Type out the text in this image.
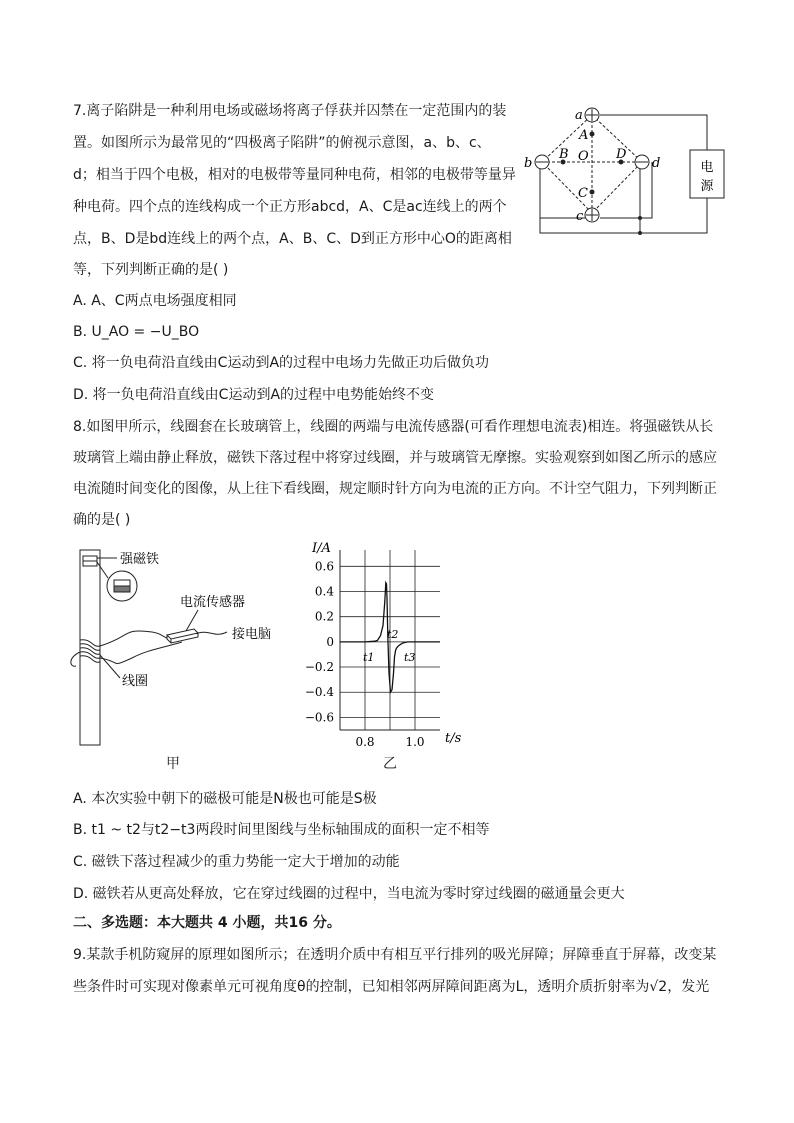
7.离子陷阱是一种利用电场或磁场将离子俘获并囚禁在一定范围内的装
置。如图所示为最常见的“四极离子陷阱”的俯视示意图，a、b、c、
d；相当于四个电极，相对的电极带等量同种电荷，相邻的电极带等量异
种电荷。四个点的连线构成一个正方形abcd，A、C是ac连线上的两个
点，B、D是bd连线上的两个点，A、B、C、D到正方形中心O的距离相
等，下列判断正确的是( )
A. A、C两点电场强度相同
B. U_AO = −U_BO
C. 将一负电荷沿直线由C运动到A的过程中电场力先做正功后做负功
D. 将一负电荷沿直线由C运动到A的过程中电势能始终不变
电
源
a
b
c
d
A
B O
C
D
8.如图甲所示，线圈套在长玻璃管上，线圈的两端与电流传感器(可看作理想电流表)相连。将强磁铁从长
玻璃管上端由静止释放，磁铁下落过程中将穿过线圈，并与玻璃管无摩擦。实验观察到如图乙所示的感应
电流随时间变化的图像，从上往下看线圈，规定顺时针方向为电流的正方向。不计空气阻力，下列判断正
确的是( )
强磁铁
电流传感器
接电脑
线圈
甲
0.6
0.4
0.2
0
−0.2
−0.4
−0.6
0.8	1.0
I/A
t/s
t1
t2
t3
乙
A. 本次实验中朝下的磁极可能是N极也可能是S极
B. t1 ~ t2与t2−t3两段时间里图线与坐标轴围成的面积一定不相等
C. 磁铁下落过程减少的重力势能一定大于增加的动能
D. 磁铁若从更高处释放，它在穿过线圈的过程中，当电流为零时穿过线圈的磁通量会更大
二、多选题：本大题共 4 小题，共16 分。
9.某款手机防窥屏的原理如图所示；在透明介质中有相互平行排列的吸光屏障；屏障垂直于屏幕，改变某
些条件时可实现对像素单元可视角度θ的控制，已知相邻两屏障间距离为L，透明介质折射率为√2，发光
